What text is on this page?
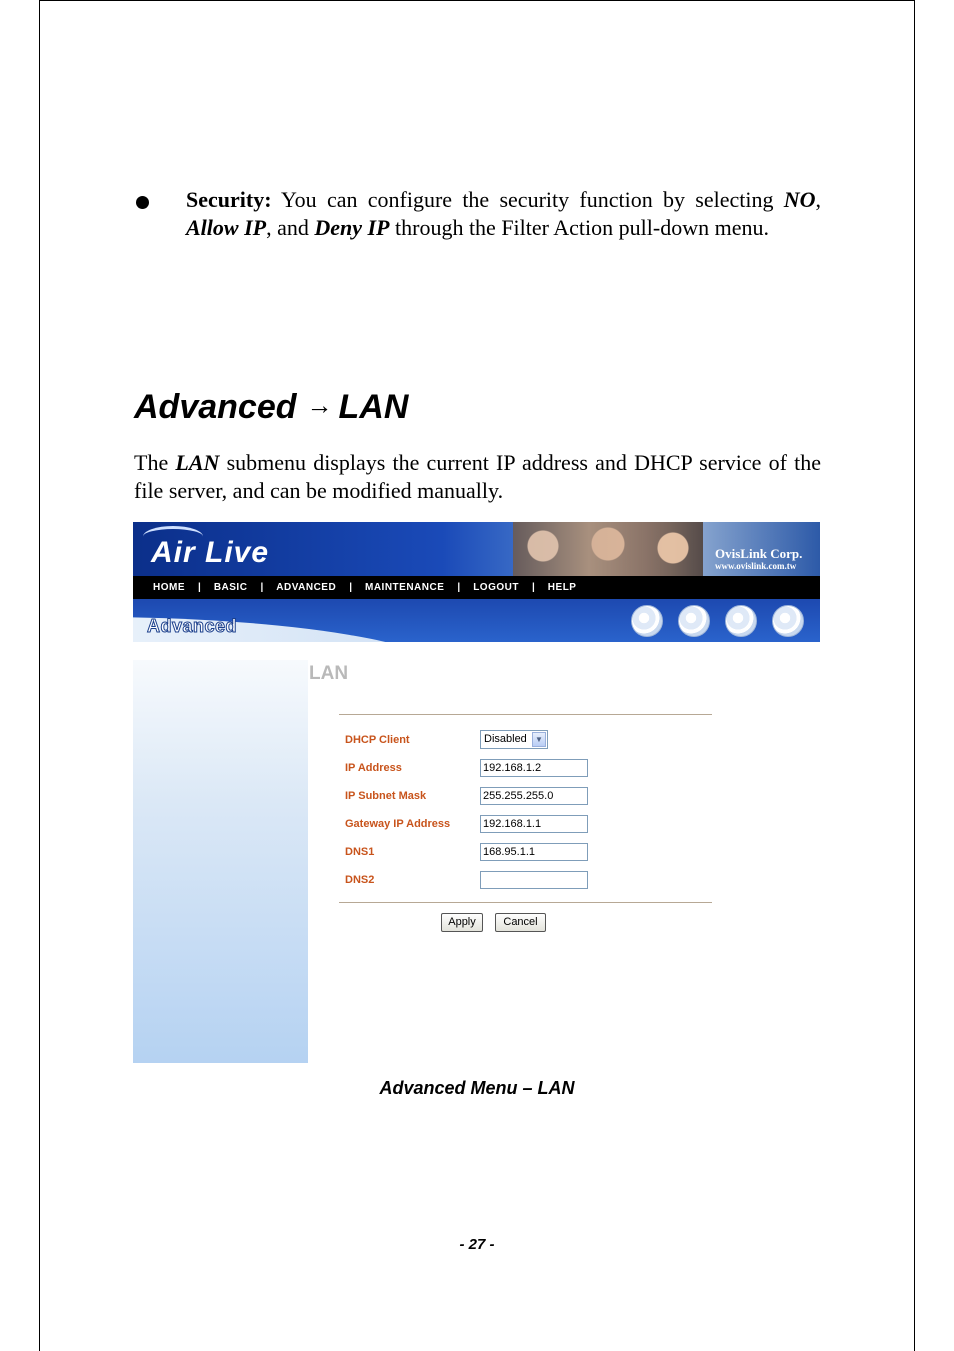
Security: You can configure the security function by selecting NO, Allow IP, and Deny IP through the Filter Action pull-down menu.
Advanced → LAN
The LAN submenu displays the current IP address and DHCP service of the file server, and can be modified manually.
Air Live	OvisLink Corp.
www.ovislink.com.tw
HOME	|	BASIC	|	ADVANCED	|	MAINTENANCE	|	LOGOUT	|	HELP
Advanced
LAN
DHCP Client	Disabled	▼
IP Address	192.168.1.2
IP Subnet Mask	255.255.255.0
Gateway IP Address	192.168.1.1
DNS1	168.95.1.1
DNS2
Apply	Cancel
Advanced Menu – LAN
- 27 -
